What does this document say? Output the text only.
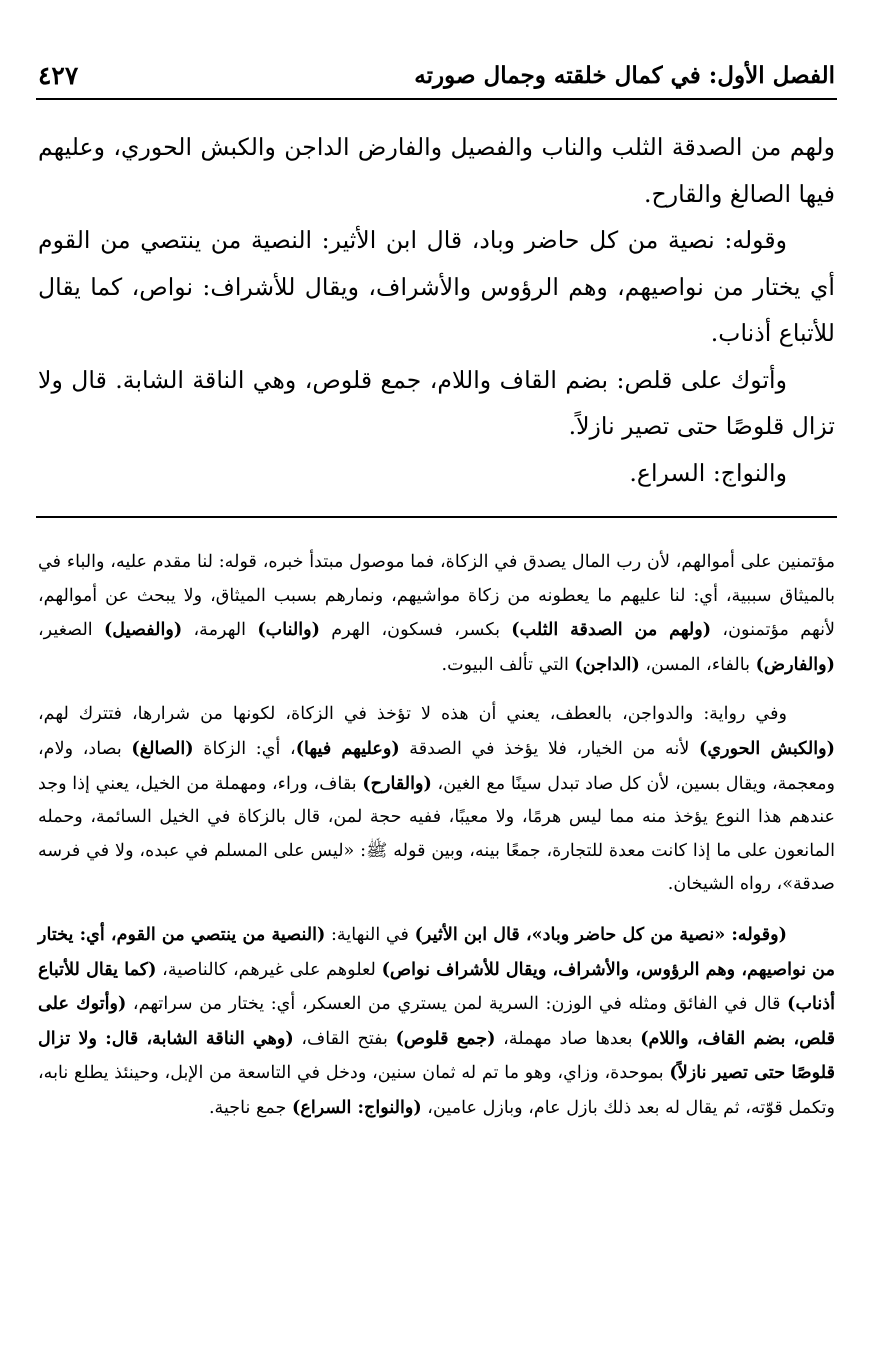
الفصل الأول: في كمال خلقته وجمال صورته
٤٢٧

ولهم من الصدقة الثلب والناب والفصيل والفارض الداجن والكبش الحوري، وعليهم فيها الصالغ والقارح.

وقوله: نصية من كل حاضر وباد، قال ابن الأثير: النصية من ينتصي من القوم أي يختار من نواصيهم، وهم الرؤوس والأشراف، ويقال للأشراف: نواص، كما يقال للأتباع أذناب.

وأتوك على قلص: بضم القاف واللام، جمع قلوص، وهي الناقة الشابة. قال ولا تزال قلوصًا حتى تصير نازلاً.

والنواج: السراع.

مؤتمنين على أموالهم، لأن رب المال يصدق في الزكاة، فما موصول مبتدأ خبره، قوله: لنا مقدم عليه، والباء في بالميثاق سببية، أي: لنا عليهم ما يعطونه من زكاة مواشيهم، ونمارهم بسبب الميثاق، ولا يبحث عن أموالهم، لأنهم مؤتمنون، (ولهم من الصدقة الثلب) بكسر، فسكون، الهرم (والناب) الهرمة، (والفصيل) الصغير، (والفارض) بالفاء، المسن، (الداجن) التي تألف البيوت.

وفي رواية: والدواجن، بالعطف، يعني أن هذه لا تؤخذ في الزكاة، لكونها من شرارها، فتترك لهم، (والكبش الحوري) لأنه من الخيار، فلا يؤخذ في الصدقة (وعليهم فيها)، أي: الزكاة (الصالغ) بصاد، ولام، ومعجمة، ويقال بسين، لأن كل صاد تبدل سينًا مع الغين، (والقارح) بقاف، وراء، ومهملة من الخيل، يعني إذا وجد عندهم هذا النوع يؤخذ منه مما ليس هرمًا، ولا معيبًا، ففيه حجة لمن، قال بالزكاة في الخيل السائمة، وحمله المانعون على ما إذا كانت معدة للتجارة، جمعًا بينه، وبين قوله ﷺ: «ليس على المسلم في عبده، ولا في فرسه صدقة»، رواه الشيخان.

(وقوله: «نصية من كل حاضر وباد»، قال ابن الأثير) في النهاية: (النصية من ينتصي من القوم، أي: يختار من نواصيهم، وهم الرؤوس، والأشراف، ويقال للأشراف نواص) لعلوهم على غيرهم، كالناصية، (كما يقال للأتباع أذناب) قال في الفائق ومثله في الوزن: السرية لمن يستري من العسكر، أي: يختار من سراتهم، (وأتوك على قلص، بضم القاف، واللام) بعدها صاد مهملة، (جمع قلوص) بفتح القاف، (وهي الناقة الشابة، قال: ولا تزال قلوصًا حتى تصير نازلاً) بموحدة، وزاي، وهو ما تم له ثمان سنين، ودخل في التاسعة من الإبل، وحينئذ يطلع نابه، وتكمل قوّته، ثم يقال له بعد ذلك بازل عام، وبازل عامين، (والنواج: السراع) جمع ناجية.
